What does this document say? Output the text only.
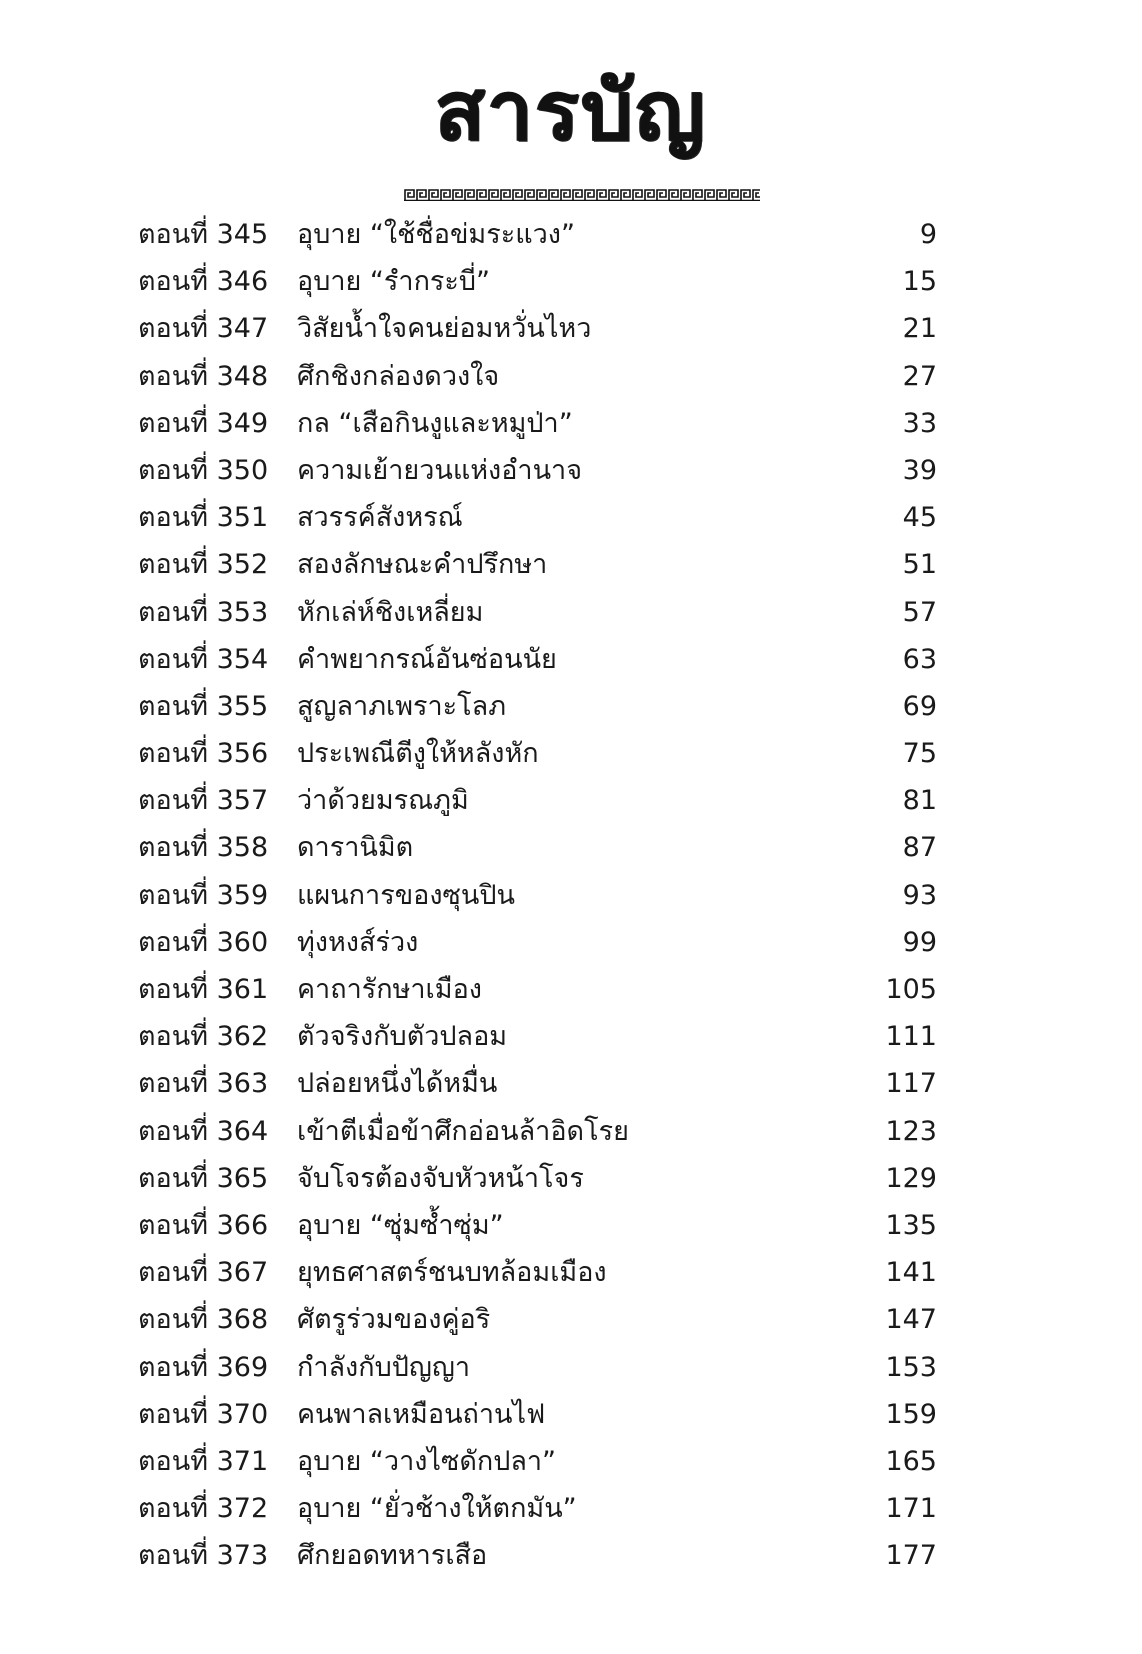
สารบัญ
ตอนที่ 345 อุบาย “ใช้ชื่อข่มระแวง”	9
ตอนที่ 346 อุบาย “รำกระบี่”	15
ตอนที่ 347 วิสัยน้ำใจคนย่อมหวั่นไหว	21
ตอนที่ 348 ศึกชิงกล่องดวงใจ	27
ตอนที่ 349 กล “เสือกินงูและหมูป่า”	33
ตอนที่ 350 ความเย้ายวนแห่งอำนาจ	39
ตอนที่ 351 สวรรค์สังหรณ์	45
ตอนที่ 352 สองลักษณะคำปรึกษา	51
ตอนที่ 353 หักเล่ห์ชิงเหลี่ยม	57
ตอนที่ 354 คำพยากรณ์อันซ่อนนัย	63
ตอนที่ 355 สูญลาภเพราะโลภ	69
ตอนที่ 356 ประเพณีตีงูให้หลังหัก	75
ตอนที่ 357 ว่าด้วยมรณภูมิ	81
ตอนที่ 358 ดารานิมิต	87
ตอนที่ 359 แผนการของซุนปิน	93
ตอนที่ 360 ทุ่งหงส์ร่วง	99
ตอนที่ 361 คาถารักษาเมือง	105
ตอนที่ 362 ตัวจริงกับตัวปลอม	111
ตอนที่ 363 ปล่อยหนึ่งได้หมื่น	117
ตอนที่ 364 เข้าตีเมื่อข้าศึกอ่อนล้าอิดโรย	123
ตอนที่ 365 จับโจรต้องจับหัวหน้าโจร	129
ตอนที่ 366 อุบาย “ซุ่มซ้ำซุ่ม”	135
ตอนที่ 367 ยุทธศาสตร์ชนบทล้อมเมือง	141
ตอนที่ 368 ศัตรูร่วมของคู่อริ	147
ตอนที่ 369 กำลังกับปัญญา	153
ตอนที่ 370 คนพาลเหมือนถ่านไฟ	159
ตอนที่ 371 อุบาย “วางไซดักปลา”	165
ตอนที่ 372 อุบาย “ยั่วช้างให้ตกมัน”	171
ตอนที่ 373 ศึกยอดทหารเสือ	177
